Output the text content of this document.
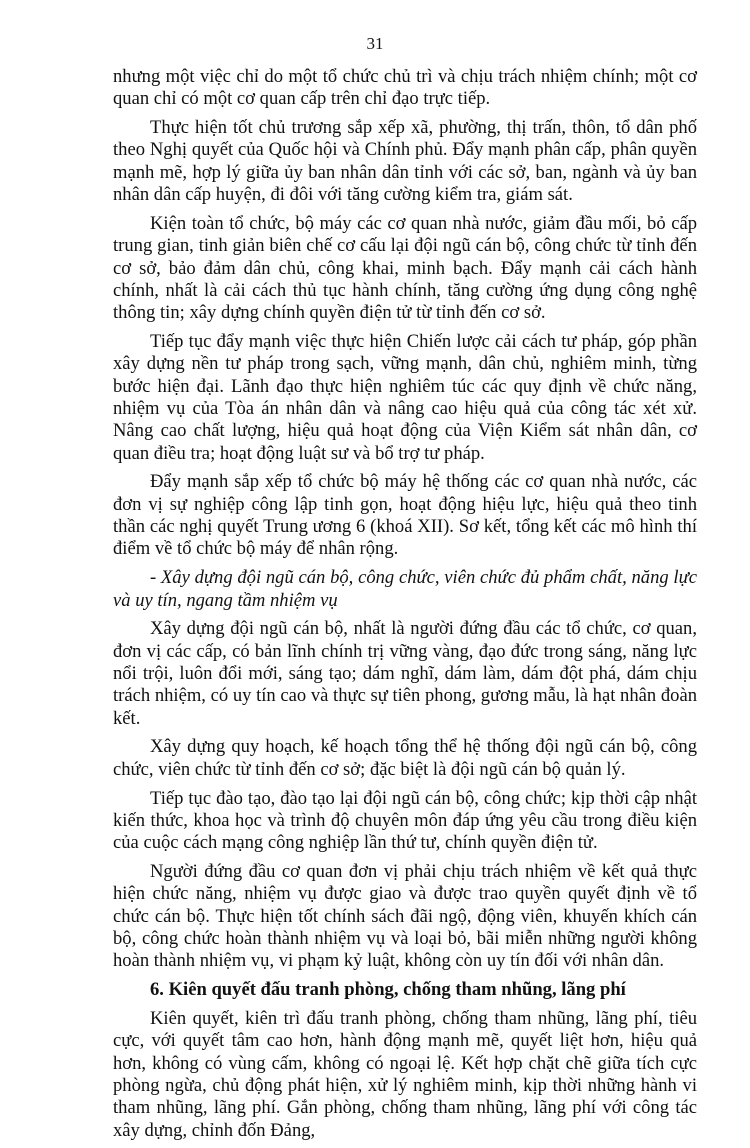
31

nhưng một việc chỉ do một tổ chức chủ trì và chịu trách nhiệm chính; một cơ quan chỉ có một cơ quan cấp trên chỉ đạo trực tiếp.

Thực hiện tốt chủ trương sắp xếp xã, phường, thị trấn, thôn, tổ dân phố theo Nghị quyết của Quốc hội và Chính phủ. Đẩy mạnh phân cấp, phân quyền mạnh mẽ, hợp lý giữa ủy ban nhân dân tỉnh với các sở, ban, ngành và ủy ban nhân dân cấp huyện, đi đôi với tăng cường kiểm tra, giám sát.

Kiện toàn tổ chức, bộ máy các cơ quan nhà nước, giảm đầu mối, bỏ cấp trung gian, tinh giản biên chế cơ cấu lại đội ngũ cán bộ, công chức từ tỉnh đến cơ sở, bảo đảm dân chủ, công khai, minh bạch. Đẩy mạnh cải cách hành chính, nhất là cải cách thủ tục hành chính, tăng cường ứng dụng công nghệ thông tin; xây dựng chính quyền điện tử từ tỉnh đến cơ sở.

Tiếp tục đẩy mạnh việc thực hiện Chiến lược cải cách tư pháp, góp phần xây dựng nền tư pháp trong sạch, vững mạnh, dân chủ, nghiêm minh, từng bước hiện đại. Lãnh đạo thực hiện nghiêm túc các quy định về chức năng, nhiệm vụ của Tòa án nhân dân và nâng cao hiệu quả của công tác xét xử. Nâng cao chất lượng, hiệu quả hoạt động của Viện Kiểm sát nhân dân, cơ quan điều tra; hoạt động luật sư và bổ trợ tư pháp.

Đẩy mạnh sắp xếp tổ chức bộ máy hệ thống các cơ quan nhà nước, các đơn vị sự nghiệp công lập tinh gọn, hoạt động hiệu lực, hiệu quả theo tinh thần các nghị quyết Trung ương 6 (khoá XII). Sơ kết, tổng kết các mô hình thí điểm về tổ chức bộ máy để nhân rộng.

- Xây dựng đội ngũ cán bộ, công chức, viên chức đủ phẩm chất, năng lực và uy tín, ngang tầm nhiệm vụ

Xây dựng đội ngũ cán bộ, nhất là người đứng đầu các tổ chức, cơ quan, đơn vị các cấp, có bản lĩnh chính trị vững vàng, đạo đức trong sáng, năng lực nổi trội, luôn đổi mới, sáng tạo; dám nghĩ, dám làm, dám đột phá, dám chịu trách nhiệm, có uy tín cao và thực sự tiên phong, gương mẫu, là hạt nhân đoàn kết.

Xây dựng quy hoạch, kế hoạch tổng thể hệ thống đội ngũ cán bộ, công chức, viên chức từ tỉnh đến cơ sở; đặc biệt là đội ngũ cán bộ quản lý.

Tiếp tục đào tạo, đào tạo lại đội ngũ cán bộ, công chức; kịp thời cập nhật kiến thức, khoa học và trình độ chuyên môn đáp ứng yêu cầu trong điều kiện của cuộc cách mạng công nghiệp lần thứ tư, chính quyền điện tử.

Người đứng đầu cơ quan đơn vị phải chịu trách nhiệm về kết quả thực hiện chức năng, nhiệm vụ được giao và được trao quyền quyết định về tổ chức cán bộ. Thực hiện tốt chính sách đãi ngộ, động viên, khuyến khích cán bộ, công chức hoàn thành nhiệm vụ và loại bỏ, bãi miễn những người không hoàn thành nhiệm vụ, vi phạm kỷ luật, không còn uy tín đối với nhân dân.

6. Kiên quyết đấu tranh phòng, chống tham nhũng, lãng phí

Kiên quyết, kiên trì đấu tranh phòng, chống tham nhũng, lãng phí, tiêu cực, với quyết tâm cao hơn, hành động mạnh mẽ, quyết liệt hơn, hiệu quả hơn, không có vùng cấm, không có ngoại lệ. Kết hợp chặt chẽ giữa tích cực phòng ngừa, chủ động phát hiện, xử lý nghiêm minh, kịp thời những hành vi tham nhũng, lãng phí. Gắn phòng, chống tham nhũng, lãng phí với công tác xây dựng, chỉnh đốn Đảng,
